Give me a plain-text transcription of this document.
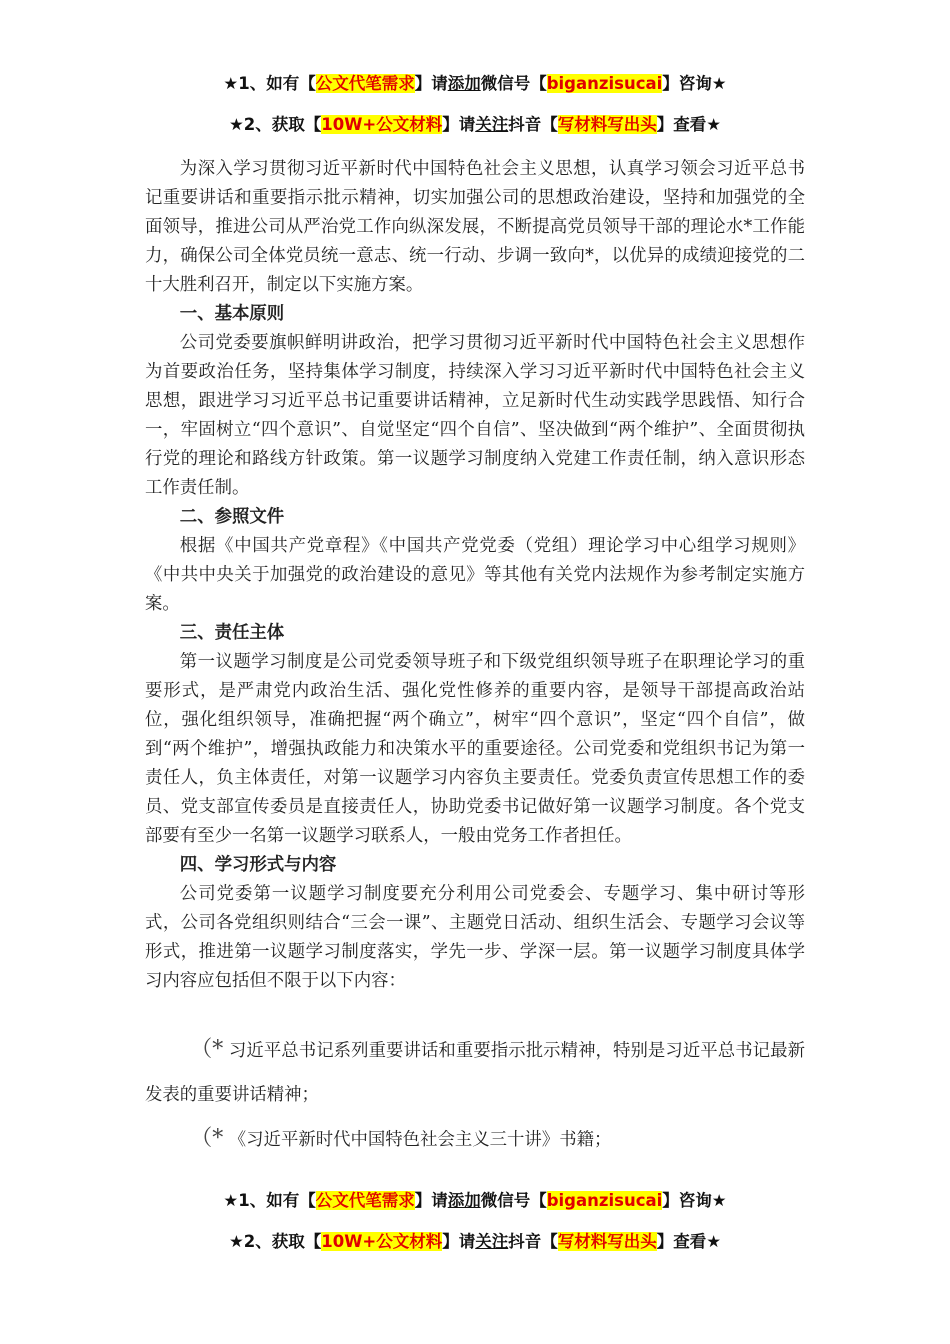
★1、如有【公文代笔需求】请添加微信号【biganzisucai】咨询★
★2、获取【10W+公文材料】请关注抖音【写材料写出头】查看★

为深入学习贯彻习近平新时代中国特色社会主义思想，认真学习领会习近平总书记重要讲话和重要指示批示精神，切实加强公司的思想政治建设，坚持和加强党的全面领导，推进公司从严治党工作向纵深发展，不断提高党员领导干部的理论水*工作能力，确保公司全体党员统一意志、统一行动、步调一致向*，以优异的成绩迎接党的二十大胜利召开，制定以下实施方案。

一、基本原则

公司党委要旗帜鲜明讲政治，把学习贯彻习近平新时代中国特色社会主义思想作为首要政治任务，坚持集体学习制度，持续深入学习习近平新时代中国特色社会主义思想，跟进学习习近平总书记重要讲话精神，立足新时代生动实践学思践悟、知行合一，牢固树立“四个意识”、自觉坚定“四个自信”、坚决做到“两个维护”、全面贯彻执行党的理论和路线方针政策。第一议题学习制度纳入党建工作责任制，纳入意识形态工作责任制。

二、参照文件

根据《中国共产党章程》《中国共产党党委（党组）理论学习中心组学习规则》《中共中央关于加强党的政治建设的意见》等其他有关党内法规作为参考制定实施方案。

三、责任主体

第一议题学习制度是公司党委领导班子和下级党组织领导班子在职理论学习的重要形式，是严肃党内政治生活、强化党性修养的重要内容，是领导干部提高政治站位，强化组织领导，准确把握“两个确立”，树牢“四个意识”，坚定“四个自信”，做到“两个维护”，增强执政能力和决策水平的重要途径。公司党委和党组织书记为第一责任人，负主体责任，对第一议题学习内容负主要责任。党委负责宣传思想工作的委员、党支部宣传委员是直接责任人，协助党委书记做好第一议题学习制度。各个党支部要有至少一名第一议题学习联系人，一般由党务工作者担任。

四、学习形式与内容

公司党委第一议题学习制度要充分利用公司党委会、专题学习、集中研讨等形式，公司各党组织则结合“三会一课”、主题党日活动、组织生活会、专题学习会议等形式，推进第一议题学习制度落实，学先一步、学深一层。第一议题学习制度具体学习内容应包括但不限于以下内容：

（* 习近平总书记系列重要讲话和重要指示批示精神，特别是习近平总书记最新发表的重要讲话精神；

（* 《习近平新时代中国特色社会主义三十讲》书籍；

★1、如有【公文代笔需求】请添加微信号【biganzisucai】咨询★
★2、获取【10W+公文材料】请关注抖音【写材料写出头】查看★
